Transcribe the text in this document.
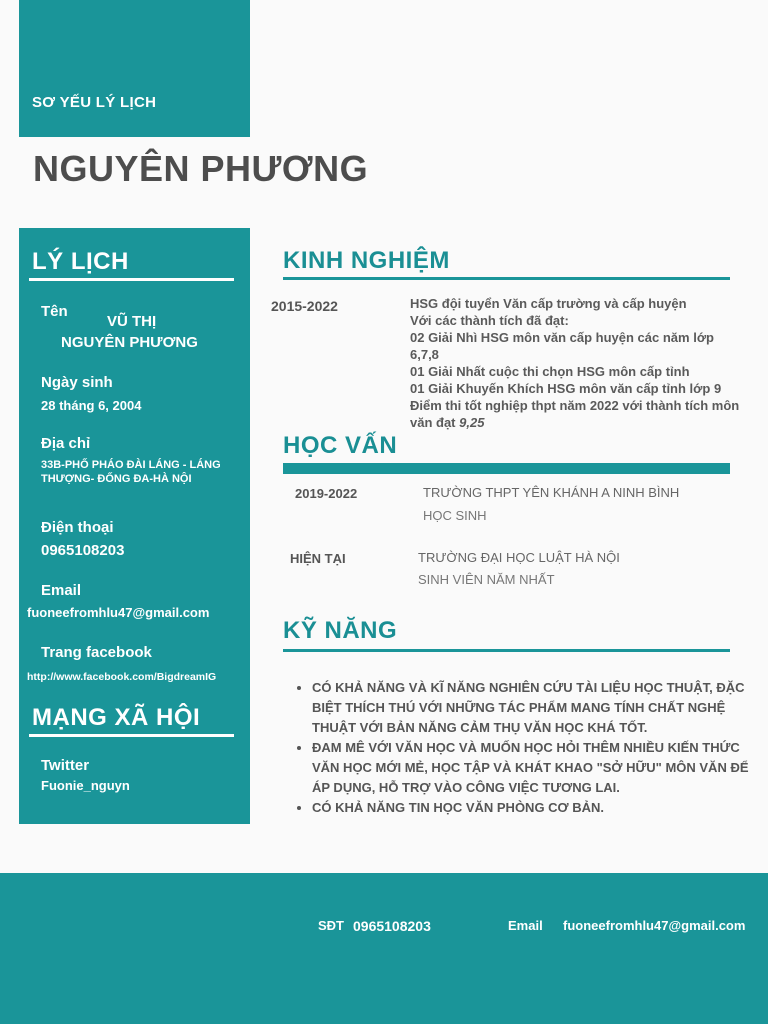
SƠ YẾU LÝ LỊCH
NGUYÊN PHƯƠNG
LÝ LỊCH
Tên
VŨ THỊ
NGUYÊN PHƯƠNG
Ngày sinh
28 tháng 6, 2004
Địa chỉ
33B-PHỐ PHÁO ĐÀI LÁNG - LÁNG THƯỢNG- ĐỐNG ĐA-HÀ NỘI
Điện thoại
0965108203
Email
fuoneefromhlu47@gmail.com
Trang facebook
http://www.facebook.com/BigdreamIG
MẠNG XÃ HỘI
Twitter
Fuonie_nguyn
KINH NGHIỆM
2015-2022	HSG đội tuyển Văn cấp trường và cấp huyện
Với các thành tích đã đạt:
02 Giải Nhì HSG môn văn cấp huyện các năm lớp 6,7,8
01 Giải Nhất cuộc thi chọn HSG môn cấp tỉnh
01 Giải Khuyến Khích HSG môn văn cấp tỉnh lớp 9
Điểm thi tốt nghiệp thpt năm 2022 với thành tích môn văn đạt 9,25
HỌC VẤN
2019-2022	TRƯỜNG THPT YÊN KHÁNH A NINH BÌNH
HỌC SINH
HIỆN TẠI	TRƯỜNG ĐẠI HỌC LUẬT HÀ NỘI
SINH VIÊN NĂM NHẤT
KỸ NĂNG
• CÓ KHẢ NĂNG VÀ KĨ NĂNG NGHIÊN CỨU TÀI LIỆU HỌC THUẬT, ĐẶC BIỆT THÍCH THÚ VỚI NHỮNG TÁC PHẨM MANG TÍNH CHẤT NGHỆ THUẬT VỚI BẢN NĂNG CẢM THỤ VĂN HỌC KHÁ TỐT.
• ĐAM MÊ VỚI VĂN HỌC VÀ MUỐN HỌC HỎI THÊM NHIỀU KIẾN THỨC VĂN HỌC MỚI MẺ, HỌC TẬP VÀ KHÁT KHAO "SỞ HỮU" MÔN VĂN ĐỂ ÁP DỤNG, HỖ TRỢ VÀO CÔNG VIỆC TƯƠNG LAI.
• CÓ KHẢ NĂNG TIN HỌC VĂN PHÒNG CƠ BẢN.
SĐT 0965108203	Email fuoneefromhlu47@gmail.com
